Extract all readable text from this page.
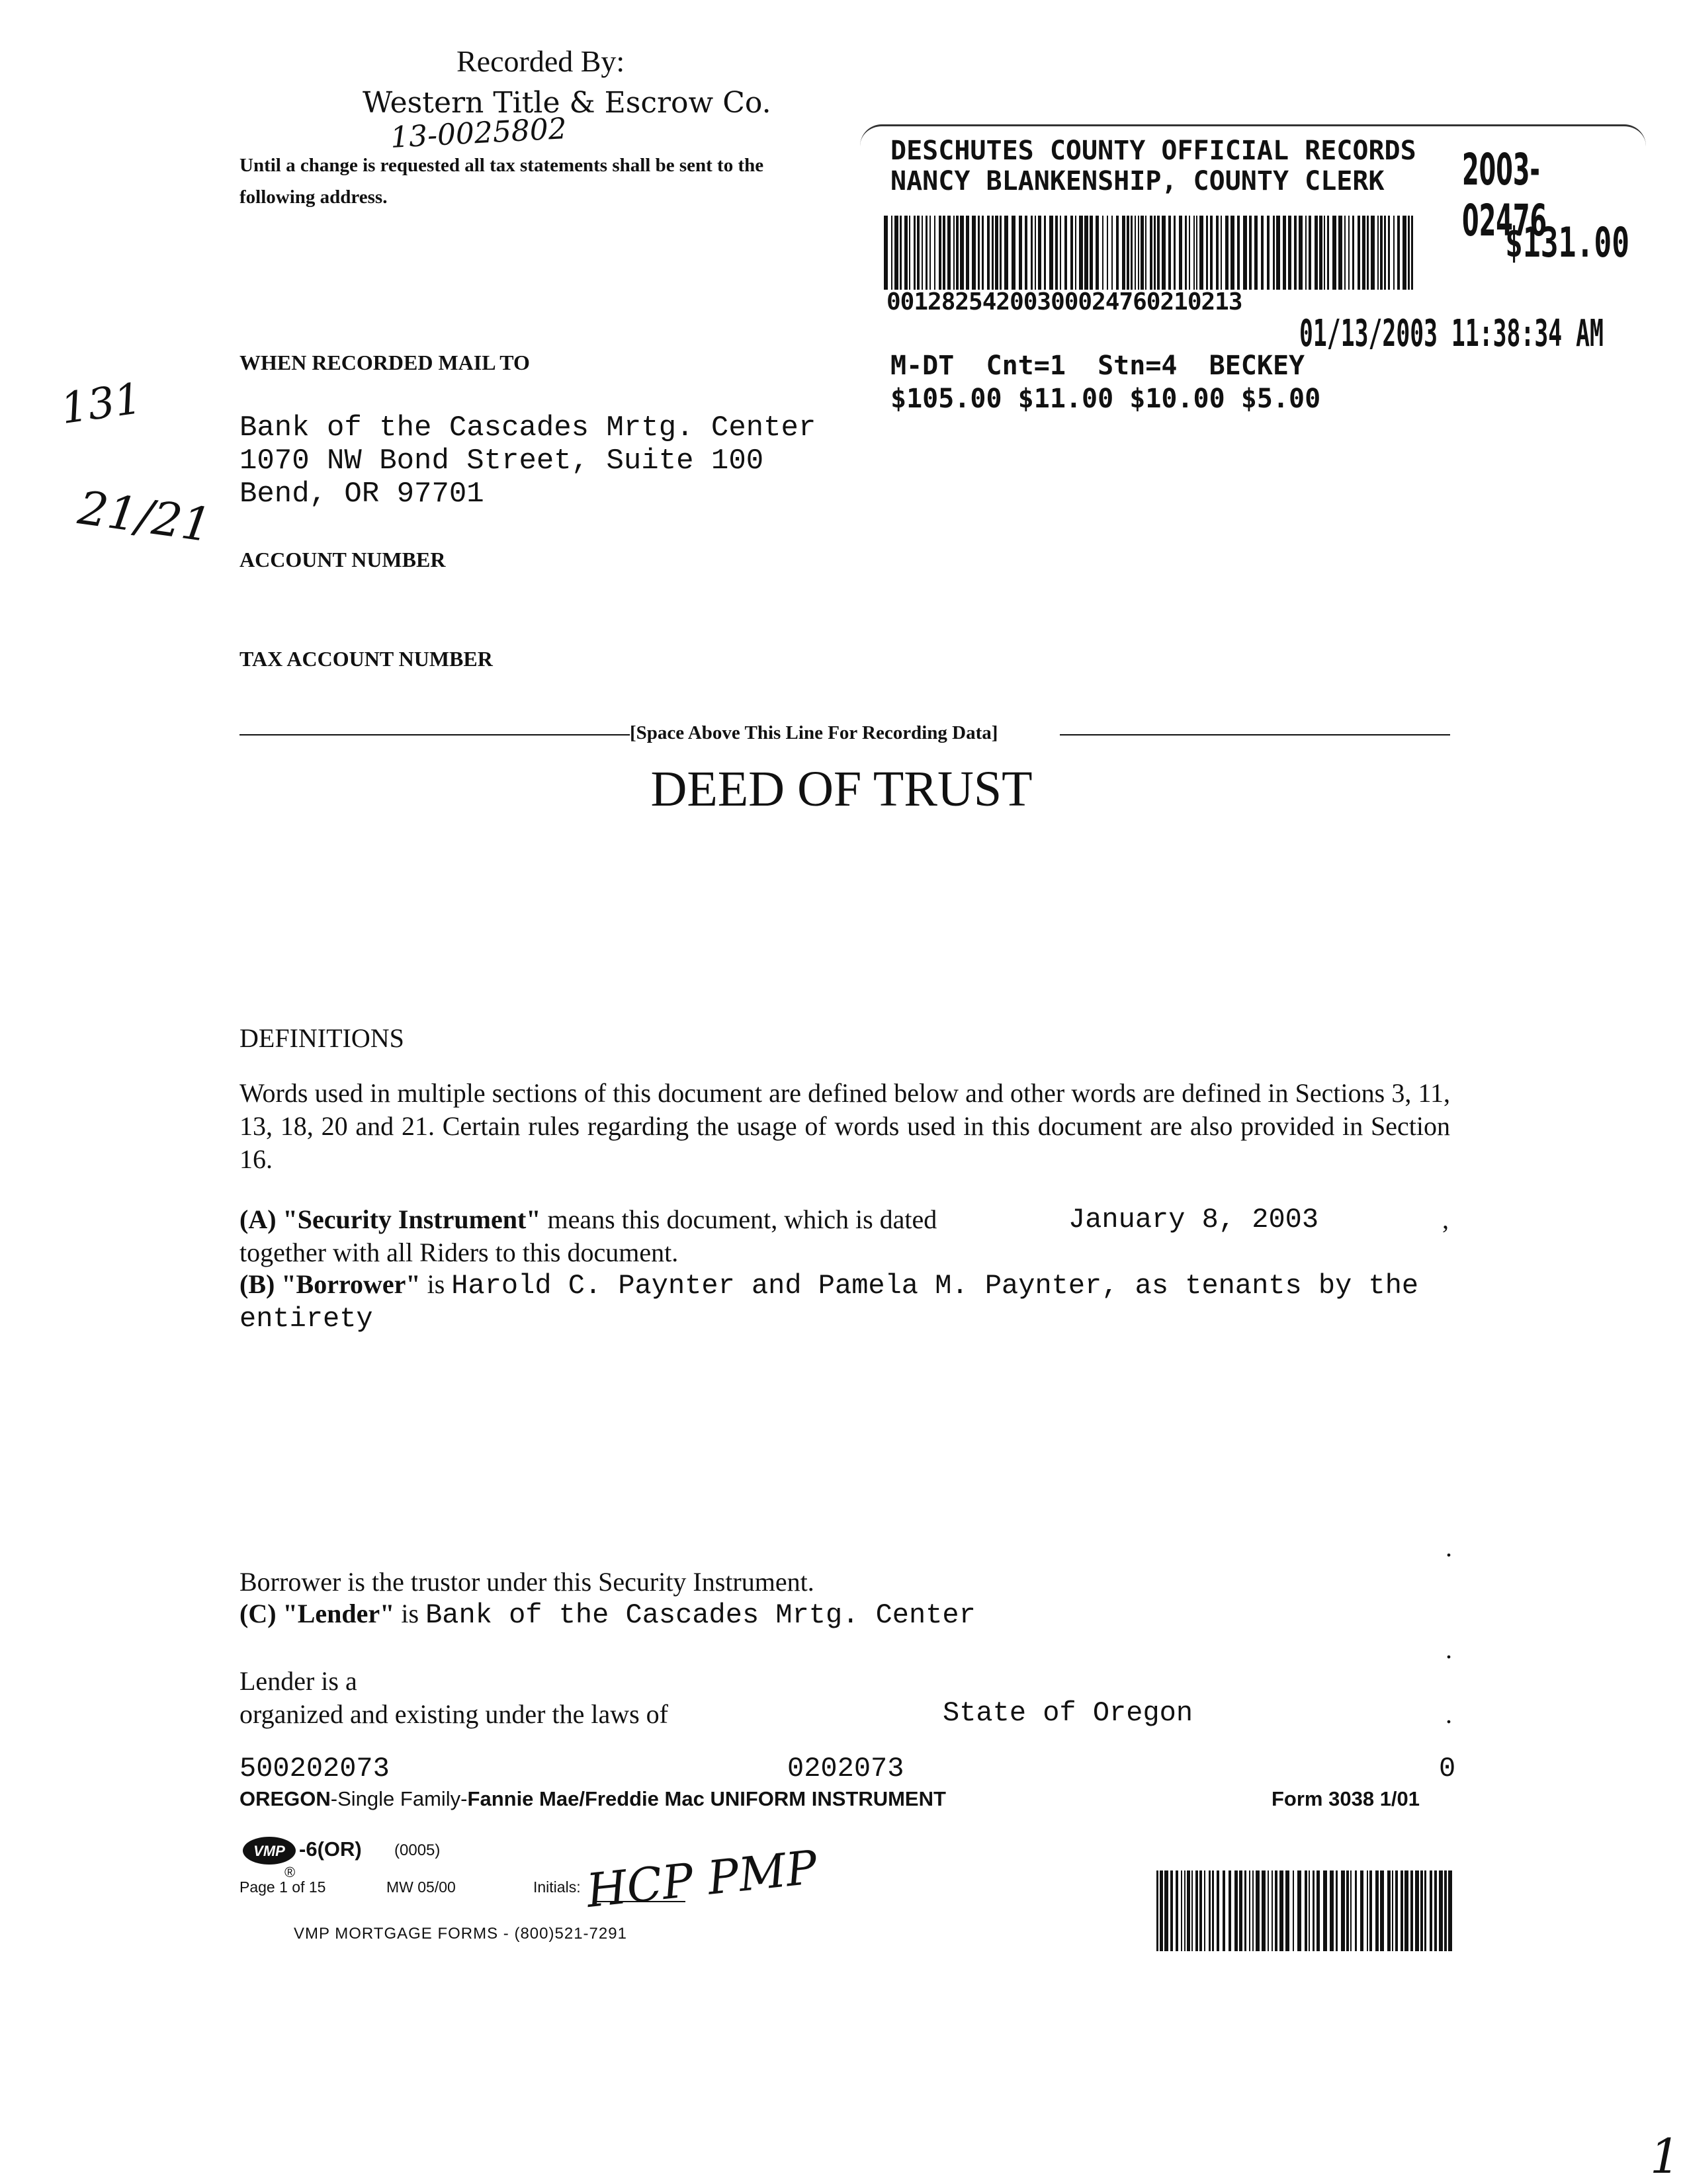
Recorded By:
Western Title & Escrow Co.
13-0025802
Until a change is requested all tax statements shall be sent to the following address.
DESCHUTES COUNTY OFFICIAL RECORDS
NANCY BLANKENSHIP, COUNTY CLERK 2003-02476
$131.00
00128254200300024760210213
01/13/2003 11:38:34 AM
M-DT  Cnt=1  Stn=4  BECKEY
$105.00 $11.00 $10.00 $5.00
131
21/21
WHEN RECORDED MAIL TO
Bank of the Cascades Mrtg. Center
1070 NW Bond Street, Suite 100
Bend, OR 97701
ACCOUNT NUMBER
TAX ACCOUNT NUMBER
[Space Above This Line For Recording Data]
DEED OF TRUST
DEFINITIONS
Words used in multiple sections of this document are defined below and other words are defined in Sections 3, 11, 13, 18, 20 and 21. Certain rules regarding the usage of words used in this document are also provided in Section 16.
(A) "Security Instrument" means this document, which is dated	January 8, 2003	,
together with all Riders to this document.
(B) "Borrower" is Harold C. Paynter and Pamela M. Paynter, as tenants by the entirety
.
Borrower is the trustor under this Security Instrument.
(C) "Lender" is Bank of the Cascades Mrtg. Center
.
Lender is a
organized and existing under the laws of	State of Oregon	.
500202073	0202073	0
OREGON-Single Family-Fannie Mae/Freddie Mac UNIFORM INSTRUMENT	Form 3038 1/01
VMP -6(OR) (0005)
®
Page 1 of 15	MW 05/00	Initials: HCP PMP
VMP MORTGAGE FORMS - (800)521-7291
1
